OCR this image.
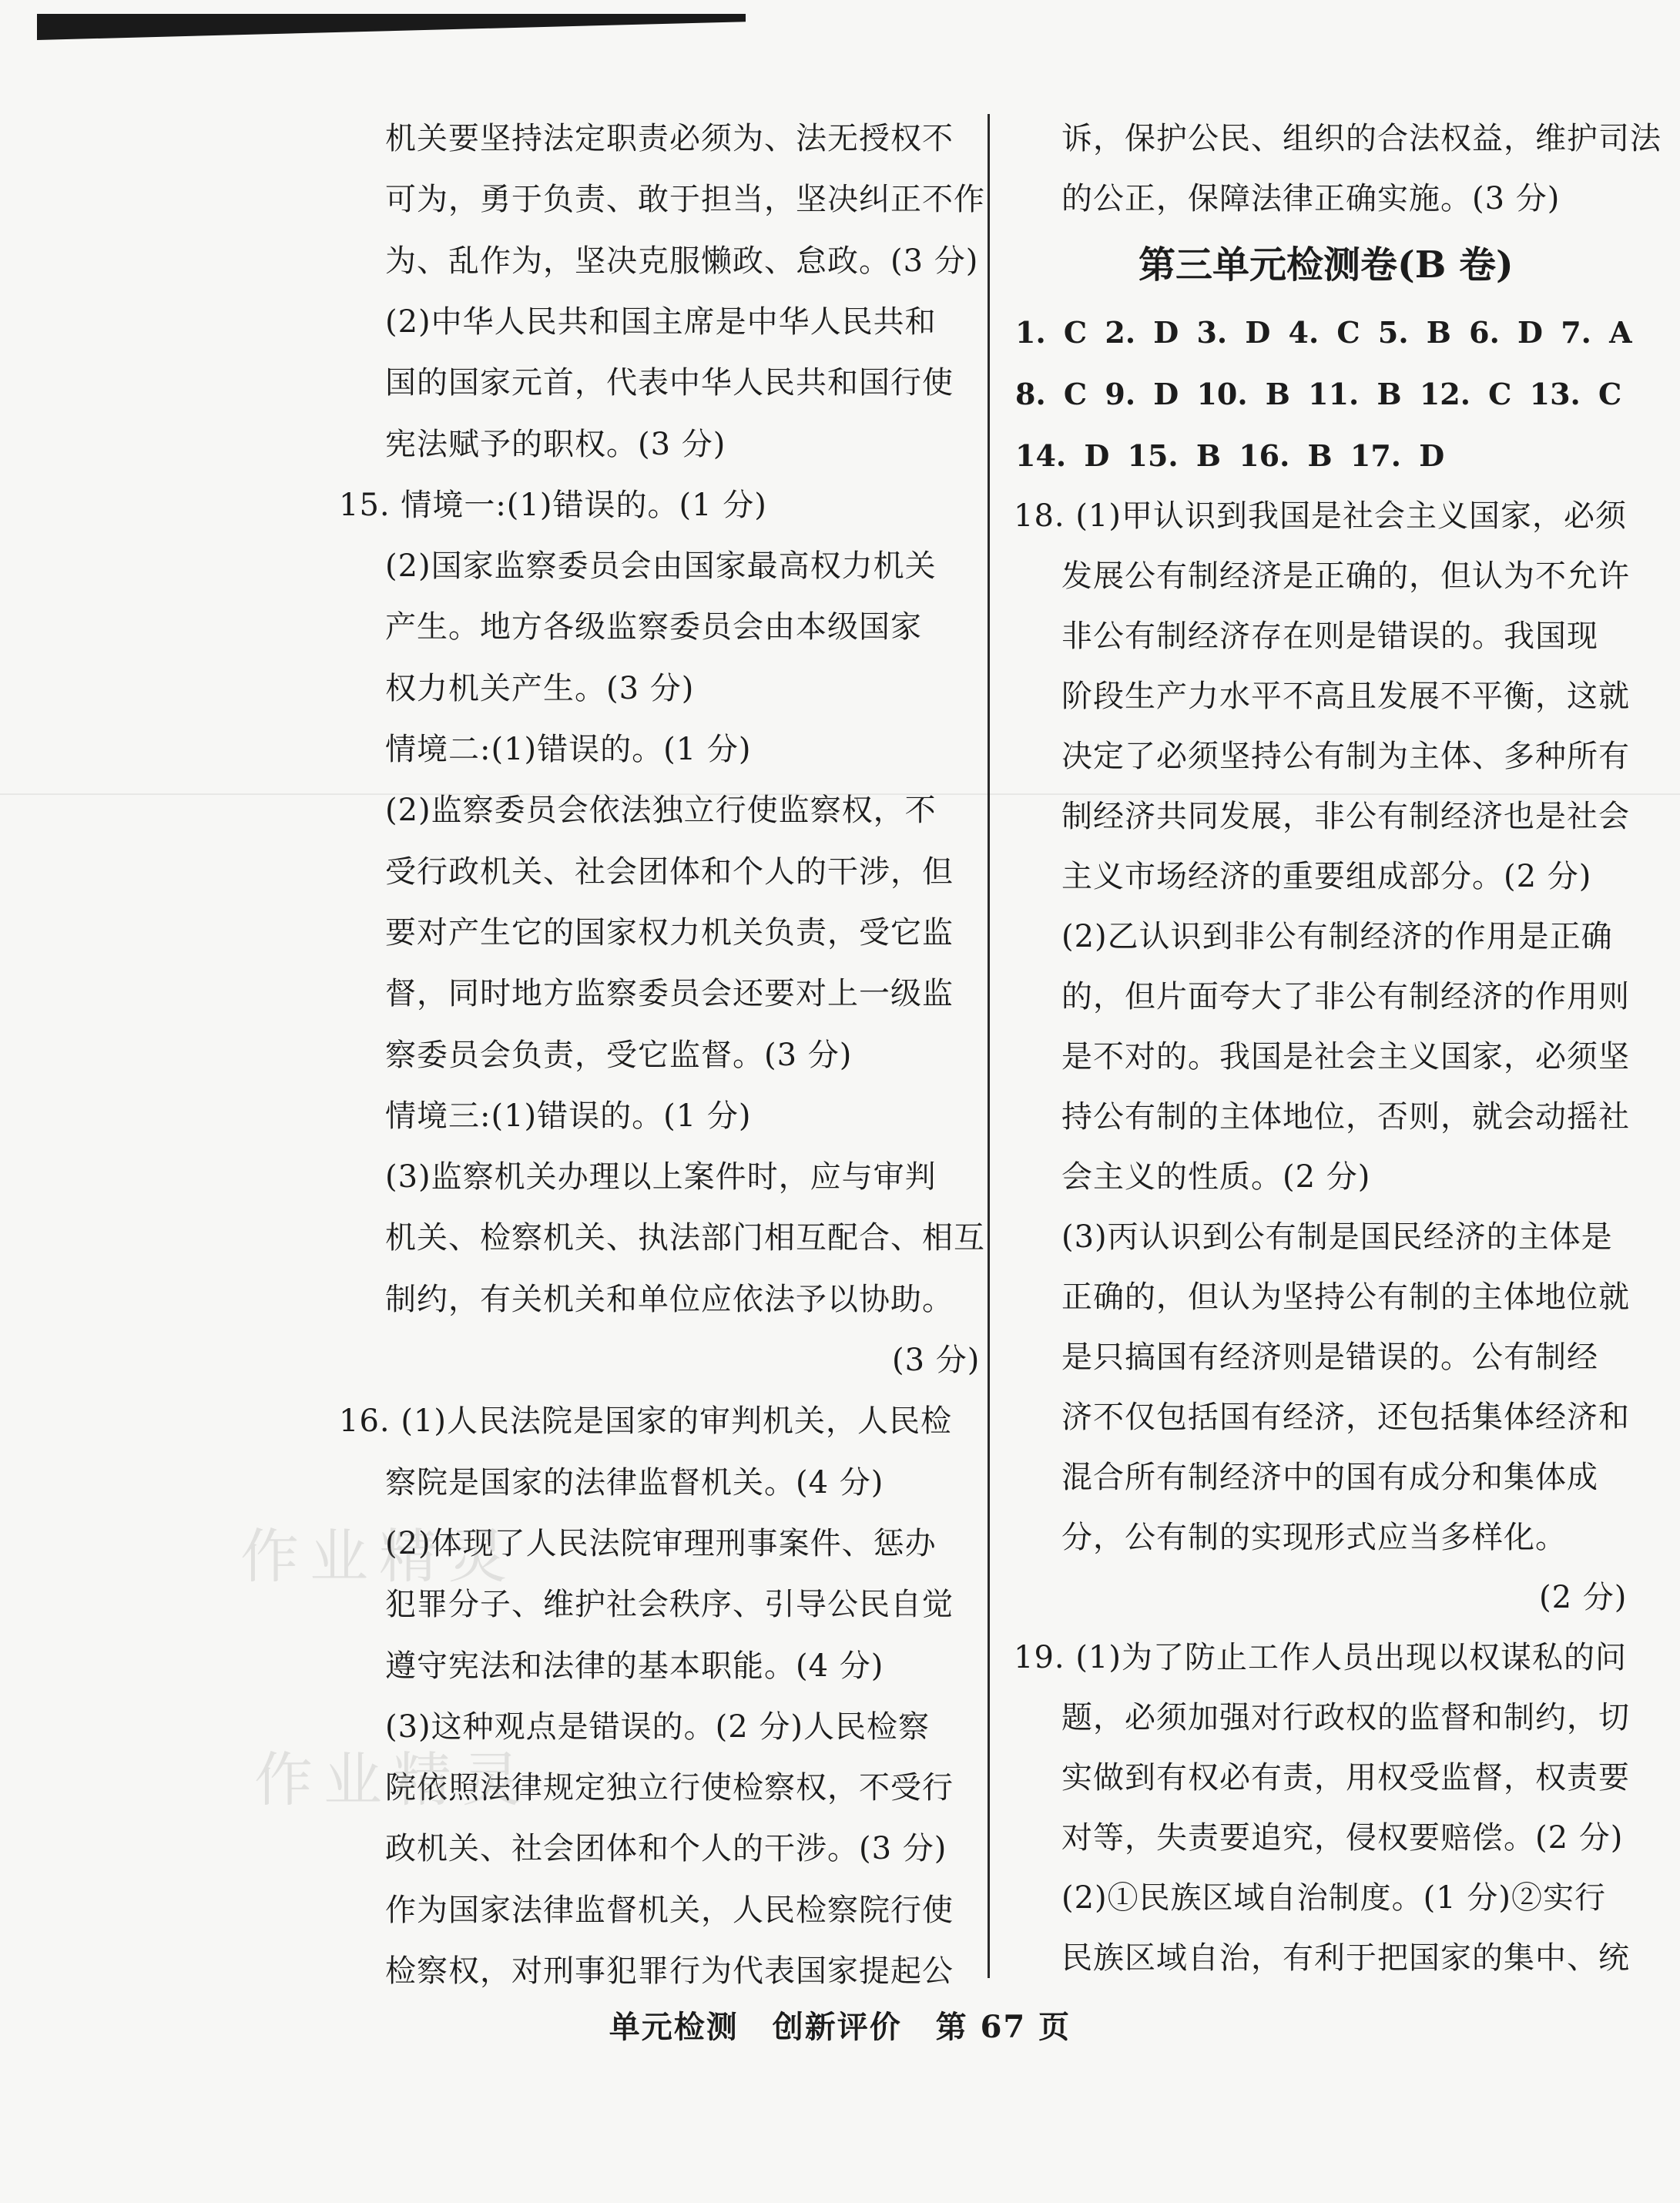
机关要坚持法定职责必须为、法无授权不
可为，勇于负责、敢于担当，坚决纠正不作
为、乱作为，坚决克服懒政、怠政。(3 分)
(2)中华人民共和国主席是中华人民共和
国的国家元首，代表中华人民共和国行使
宪法赋予的职权。(3 分)
15. 情境一:(1)错误的。(1 分)
(2)国家监察委员会由国家最高权力机关
产生。地方各级监察委员会由本级国家
权力机关产生。(3 分)
情境二:(1)错误的。(1 分)
(2)监察委员会依法独立行使监察权，不
受行政机关、社会团体和个人的干涉，但
要对产生它的国家权力机关负责，受它监
督，同时地方监察委员会还要对上一级监
察委员会负责，受它监督。(3 分)
情境三:(1)错误的。(1 分)
(3)监察机关办理以上案件时，应与审判
机关、检察机关、执法部门相互配合、相互
制约，有关机关和单位应依法予以协助。
(3 分)
16. (1)人民法院是国家的审判机关，人民检
察院是国家的法律监督机关。(4 分)
(2)体现了人民法院审理刑事案件、惩办
犯罪分子、维护社会秩序、引导公民自觉
遵守宪法和法律的基本职能。(4 分)
(3)这种观点是错误的。(2 分)人民检察
院依照法律规定独立行使检察权，不受行
政机关、社会团体和个人的干涉。(3 分)
作为国家法律监督机关，人民检察院行使
检察权，对刑事犯罪行为代表国家提起公
诉，保护公民、组织的合法权益，维护司法
的公正，保障法律正确实施。(3 分)
18. (1)甲认识到我国是社会主义国家，必须
发展公有制经济是正确的，但认为不允许
非公有制经济存在则是错误的。我国现
阶段生产力水平不高且发展不平衡，这就
决定了必须坚持公有制为主体、多种所有
制经济共同发展，非公有制经济也是社会
主义市场经济的重要组成部分。(2 分)
(2)乙认识到非公有制经济的作用是正确
的，但片面夸大了非公有制经济的作用则
是不对的。我国是社会主义国家，必须坚
持公有制的主体地位，否则，就会动摇社
会主义的性质。(2 分)
(3)丙认识到公有制是国民经济的主体是
正确的，但认为坚持公有制的主体地位就
是只搞国有经济则是错误的。公有制经
济不仅包括国有经济，还包括集体经济和
混合所有制经济中的国有成分和集体成
分，公有制的实现形式应当多样化。
(2 分)
19. (1)为了防止工作人员出现以权谋私的问
题，必须加强对行政权的监督和制约，切
实做到有权必有责，用权受监督，权责要
对等，失责要追究，侵权要赔偿。(2 分)
(2)①民族区域自治制度。(1 分)②实行
民族区域自治，有利于把国家的集中、统
第三单元检测卷(B 卷)
1. C 2. D 3. D 4. C 5. B 6. D 7. A
8. C 9. D 10. B 11. B 12. C 13. C
14. D 15. B 16. B 17. D
作业精灵
作业精灵
单元检测 创新评价 第 67 页
